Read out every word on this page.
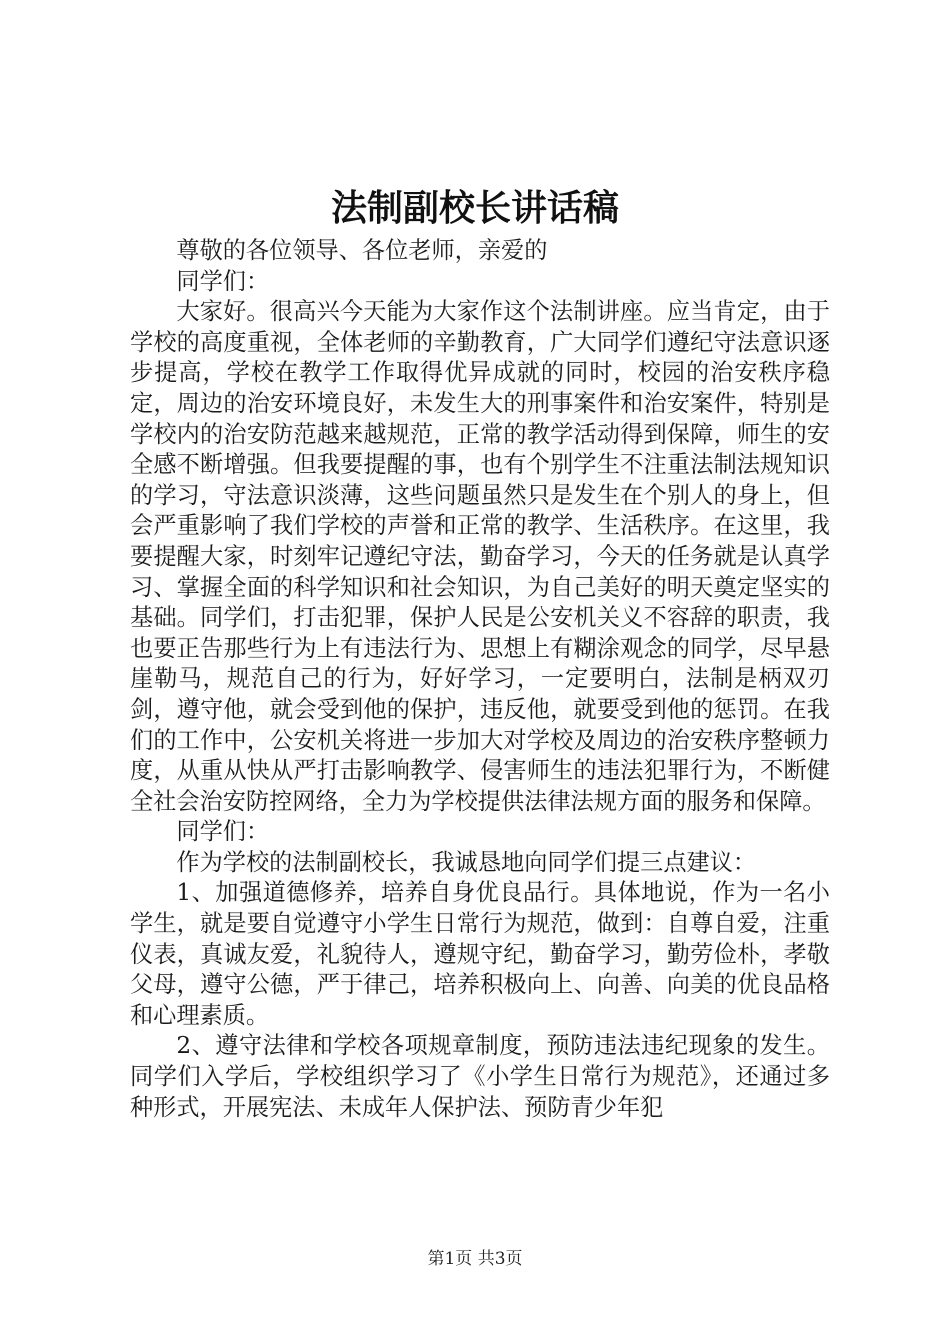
法制副校长讲话稿

尊敬的各位领导、各位老师，亲爱的

同学们：

大家好。很高兴今天能为大家作这个法制讲座。应当肯定，由于学校的高度重视，全体老师的辛勤教育，广大同学们遵纪守法意识逐步提高，学校在教学工作取得优异成就的同时，校园的治安秩序稳定，周边的治安环境良好，未发生大的刑事案件和治安案件，特别是学校内的治安防范越来越规范，正常的教学活动得到保障，师生的安全感不断增强。但我要提醒的事，也有个别学生不注重法制法规知识的学习，守法意识淡薄，这些问题虽然只是发生在个别人的身上，但会严重影响了我们学校的声誉和正常的教学、生活秩序。在这里，我要提醒大家，时刻牢记遵纪守法，勤奋学习，今天的任务就是认真学习、掌握全面的科学知识和社会知识，为自己美好的明天奠定坚实的基础。同学们，打击犯罪，保护人民是公安机关义不容辞的职责，我也要正告那些行为上有违法行为、思想上有糊涂观念的同学，尽早悬崖勒马，规范自己的行为，好好学习，一定要明白，法制是柄双刃剑，遵守他，就会受到他的保护，违反他，就要受到他的惩罚。在我们的工作中，公安机关将进一步加大对学校及周边的治安秩序整顿力度，从重从快从严打击影响教学、侵害师生的违法犯罪行为，不断健全社会治安防控网络，全力为学校提供法律法规方面的服务和保障。

同学们：

作为学校的法制副校长，我诚恳地向同学们提三点建议：

1、加强道德修养，培养自身优良品行。具体地说，作为一名小学生，就是要自觉遵守小学生日常行为规范，做到：自尊自爱，注重仪表，真诚友爱，礼貌待人，遵规守纪，勤奋学习，勤劳俭朴，孝敬父母，遵守公德，严于律己，培养积极向上、向善、向美的优良品格和心理素质。

2、遵守法律和学校各项规章制度，预防违法违纪现象的发生。同学们入学后，学校组织学习了《小学生日常行为规范》，还通过多种形式，开展宪法、未成年人保护法、预防青少年犯

第1页 共3页
